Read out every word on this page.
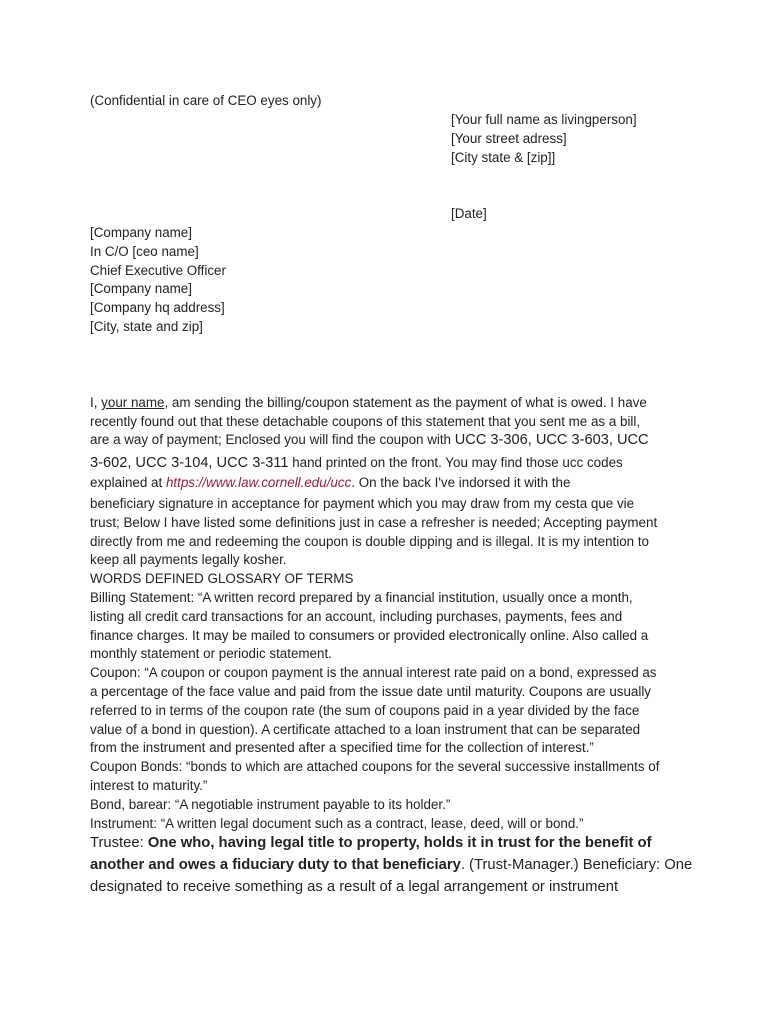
(Confidential in care of CEO eyes only)
[Your full name as livingperson]
[Your street adress]
[City state & [zip]]
[Date]
[Company name]
In C/O [ceo name]
Chief Executive Officer
[Company name]
[Company hq address]
[City, state and zip]
I, your name, am sending the billing/coupon statement as the payment of what is owed. I have
recently found out that these detachable coupons of this statement that you sent me as a bill,
are a way of payment; Enclosed you will find the coupon with UCC 3-306, UCC 3-603, UCC
3-602, UCC 3-104, UCC 3-311 hand printed on the front. You may find those ucc codes
explained at https://www.law.cornell.edu/ucc. On the back I've indorsed it with the
beneficiary signature in acceptance for payment which you may draw from my cesta que vie
trust; Below I have listed some definitions just in case a refresher is needed; Accepting payment
directly from me and redeeming the coupon is double dipping and is illegal. It is my intention to
keep all payments legally kosher.
WORDS DEFINED GLOSSARY OF TERMS
Billing Statement: “A written record prepared by a financial institution, usually once a month,
listing all credit card transactions for an account, including purchases, payments, fees and
finance charges. It may be mailed to consumers or provided electronically online. Also called a
monthly statement or periodic statement.
Coupon: “A coupon or coupon payment is the annual interest rate paid on a bond, expressed as
a percentage of the face value and paid from the issue date until maturity. Coupons are usually
referred to in terms of the coupon rate (the sum of coupons paid in a year divided by the face
value of a bond in question). A certificate attached to a loan instrument that can be separated
from the instrument and presented after a specified time for the collection of interest.”
Coupon Bonds: “bonds to which are attached coupons for the several successive installments of
interest to maturity.”
Bond, barear: “A negotiable instrument payable to its holder.”
Instrument: “A written legal document such as a contract, lease, deed, will or bond.”
Trustee: One who, having legal title to property, holds it in trust for the benefit of
another and owes a fiduciary duty to that beneficiary. (Trust-Manager.) Beneficiary: One
designated to receive something as a result of a legal arrangement or instrument
